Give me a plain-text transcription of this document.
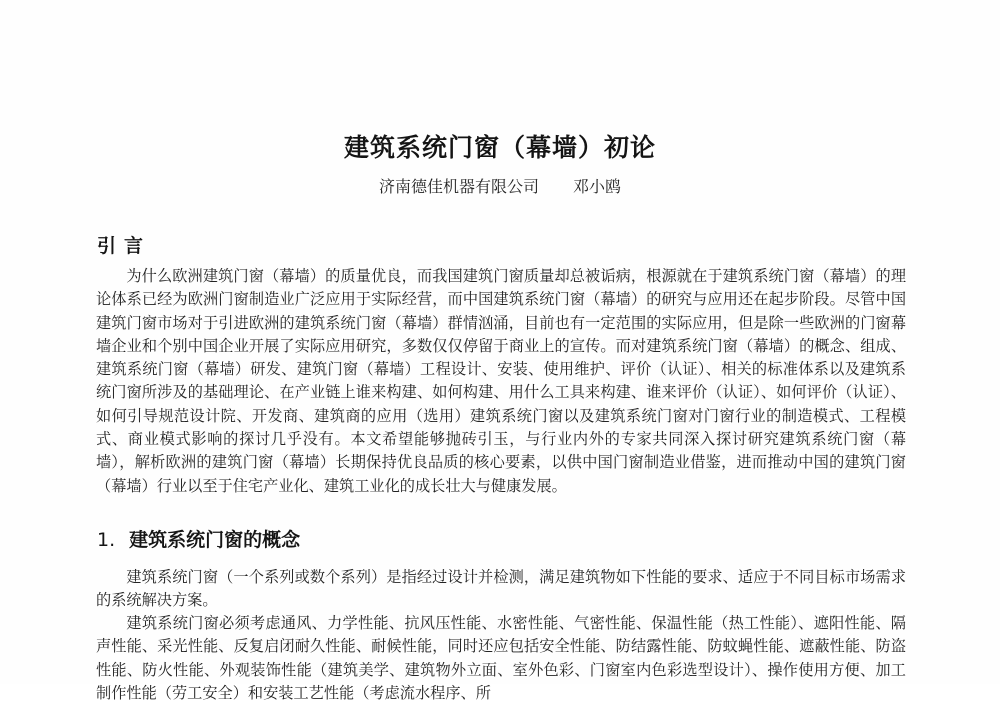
建筑系统门窗（幕墙）初论
济南德佳机器有限公司 邓小鸥
引言
为什么欧洲建筑门窗（幕墙）的质量优良，而我国建筑门窗质量却总被诟病，根源就在于建筑系统门窗（幕墙）的理论体系已经为欧洲门窗制造业广泛应用于实际经营，而中国建筑系统门窗（幕墙）的研究与应用还在起步阶段。尽管中国建筑门窗市场对于引进欧洲的建筑系统门窗（幕墙）群情汹涌，目前也有一定范围的实际应用，但是除一些欧洲的门窗幕墙企业和个别中国企业开展了实际应用研究，多数仅仅停留于商业上的宣传。而对建筑系统门窗（幕墙）的概念、组成、建筑系统门窗（幕墙）研发、建筑门窗（幕墙）工程设计、安装、使用维护、评价（认证）、相关的标准体系以及建筑系统门窗所涉及的基础理论、在产业链上谁来构建、如何构建、用什么工具来构建、谁来评价（认证）、如何评价（认证）、如何引导规范设计院、开发商、建筑商的应用（选用）建筑系统门窗以及建筑系统门窗对门窗行业的制造模式、工程模式、商业模式影响的探讨几乎没有。本文希望能够抛砖引玉，与行业内外的专家共同深入探讨研究建筑系统门窗（幕墙），解析欧洲的建筑门窗（幕墙）长期保持优良品质的核心要素，以供中国门窗制造业借鉴，进而推动中国的建筑门窗（幕墙）行业以至于住宅产业化、建筑工业化的成长壮大与健康发展。
1. 建筑系统门窗的概念
建筑系统门窗（一个系列或数个系列）是指经过设计并检测，满足建筑物如下性能的要求、适应于不同目标市场需求的系统解决方案。
建筑系统门窗必须考虑通风、力学性能、抗风压性能、水密性能、气密性能、保温性能（热工性能）、遮阳性能、隔声性能、采光性能、反复启闭耐久性能、耐候性能，同时还应包括安全性能、防结露性能、防蚊蝇性能、遮蔽性能、防盗性能、防火性能、外观装饰性能（建筑美学、建筑物外立面、室外色彩、门窗室内色彩选型设计）、操作使用方便、加工制作性能（劳工安全）和安装工艺性能（考虑流水程序、所
